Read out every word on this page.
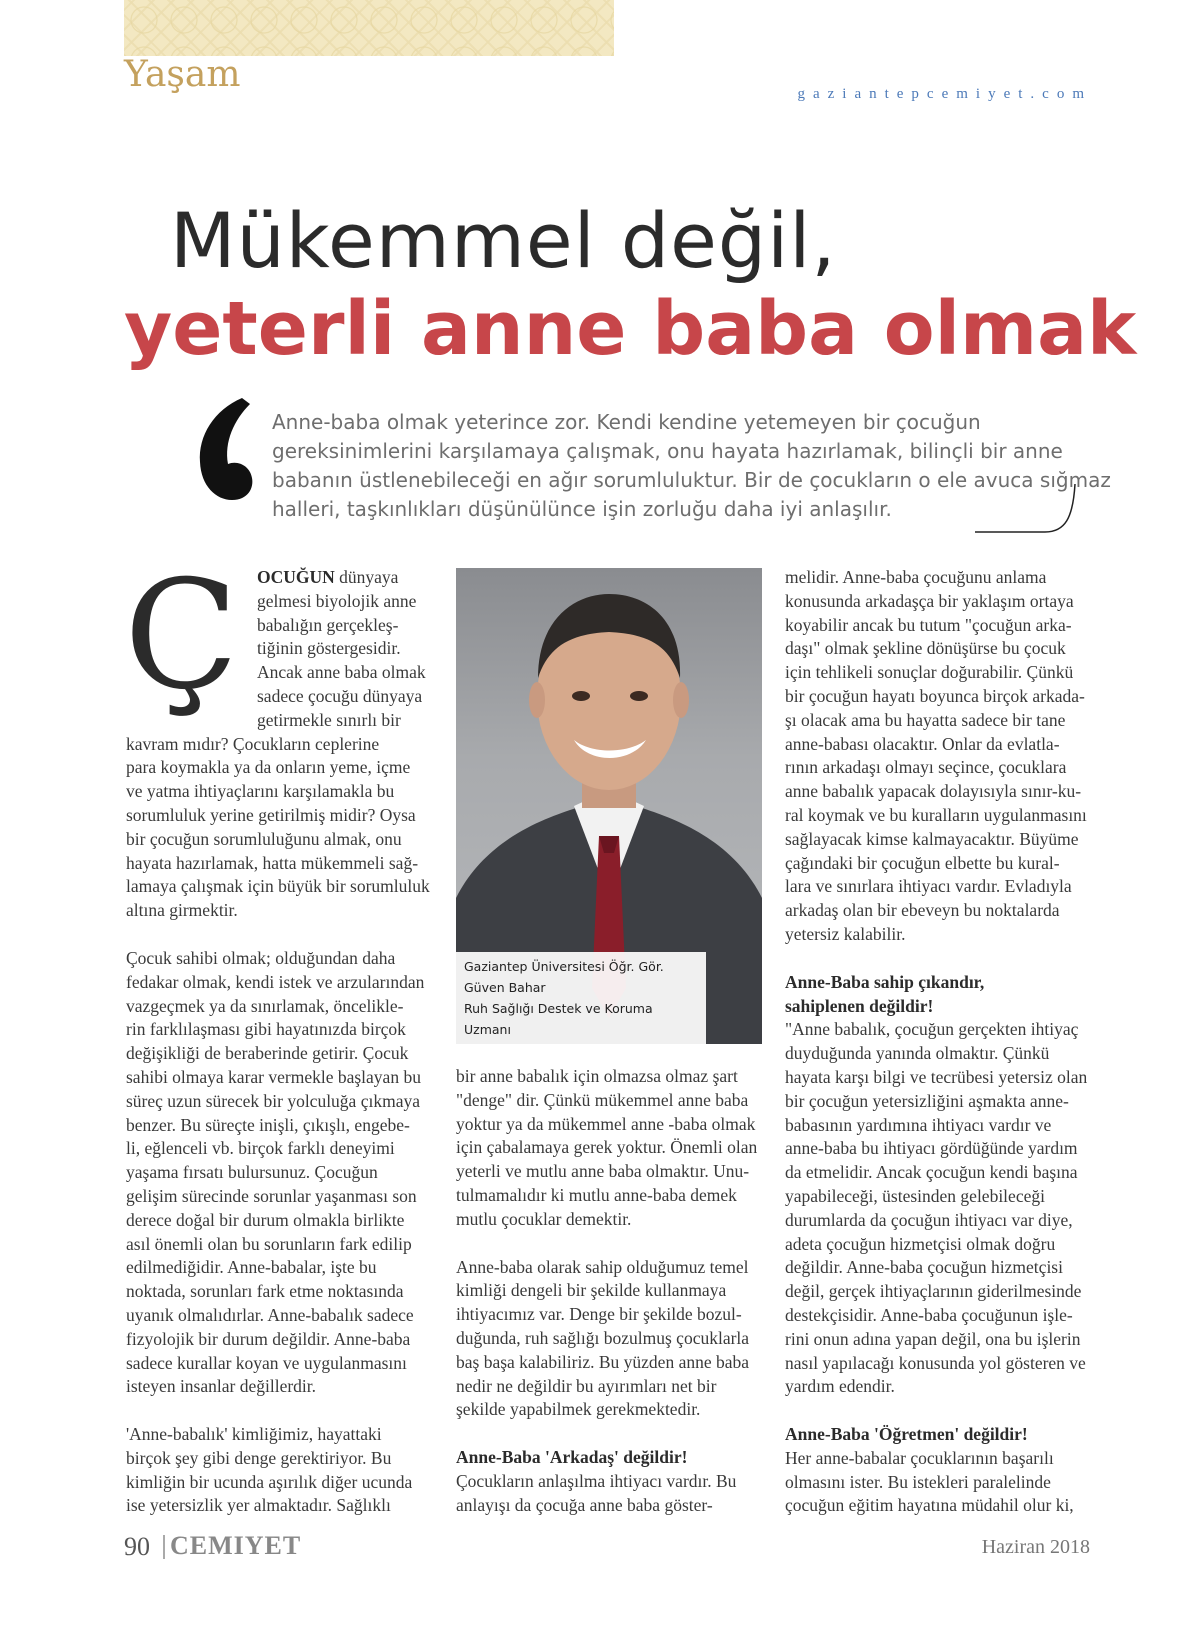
Yaşam	gaziantepcemiyet.com
Mükemmel değil,
yeterli anne baba olmak
Anne-baba olmak yeterince zor. Kendi kendine yetemeyen bir çocuğun gereksinimlerini karşılamaya çalışmak, onu hayata hazırlamak, bilinçli bir anne babanın üstlenebileceği en ağır sorumluluktur. Bir de çocukların o ele avuca sığmaz halleri, taşkınlıkları düşünülünce işin zorluğu daha iyi anlaşılır.
Ç	OCUĞUN dünyaya
gelmesi biyolojik anne
babalığın gerçekleş-
tiğinin göstergesidir.
Ancak anne baba olmak
sadece çocuğu dünyaya
getirmekle sınırlı bir
kavram mıdır? Çocukların ceplerine
para koymakla ya da onların yeme, içme
ve yatma ihtiyaçlarını karşılamakla bu
sorumluluk yerine getirilmiş midir? Oysa
bir çocuğun sorumluluğunu almak, onu
hayata hazırlamak, hatta mükemmeli sağ-
lamaya çalışmak için büyük bir sorumluluk
altına girmektir.
Çocuk sahibi olmak; olduğundan daha
fedakar olmak, kendi istek ve arzularından
vazgeçmek ya da sınırlamak, öncelikle-
rin farklılaşması gibi hayatınızda birçok
değişikliği de beraberinde getirir. Çocuk
sahibi olmaya karar vermekle başlayan bu
süreç uzun sürecek bir yolculuğa çıkmaya
benzer. Bu süreçte inişli, çıkışlı, engebe-
li, eğlenceli vb. birçok farklı deneyimi
yaşama fırsatı bulursunuz. Çocuğun
gelişim sürecinde sorunlar yaşanması son
derece doğal bir durum olmakla birlikte
asıl önemli olan bu sorunların fark edilip
edilmediğidir. Anne-babalar, işte bu
noktada, sorunları fark etme noktasında
uyanık olmalıdırlar. Anne-babalık sadece
fizyolojik bir durum değildir. Anne-baba
sadece kurallar koyan ve uygulanmasını
isteyen insanlar değillerdir.
'Anne-babalık' kimliğimiz, hayattaki
birçok şey gibi denge gerektiriyor. Bu
kimliğin bir ucunda aşırılık diğer ucunda
ise yetersizlik yer almaktadır. Sağlıklı
Gaziantep Üniversitesi Öğr. Gör. Güven Bahar
Ruh Sağlığı Destek ve Koruma Uzmanı
bir anne babalık için olmazsa olmaz şart
"denge" dir. Çünkü mükemmel anne baba
yoktur ya da mükemmel anne -baba olmak
için çabalamaya gerek yoktur. Önemli olan
yeterli ve mutlu anne baba olmaktır. Unu-
tulmamalıdır ki mutlu anne-baba demek
mutlu çocuklar demektir.
Anne-baba olarak sahip olduğumuz temel
kimliği dengeli bir şekilde kullanmaya
ihtiyacımız var. Denge bir şekilde bozul-
duğunda, ruh sağlığı bozulmuş çocuklarla
baş başa kalabiliriz. Bu yüzden anne baba
nedir ne değildir bu ayırımları net bir
şekilde yapabilmek gerekmektedir.
Anne-Baba 'Arkadaş' değildir!
Çocukların anlaşılma ihtiyacı vardır. Bu
anlayışı da çocuğa anne baba göster-
melidir. Anne-baba çocuğunu anlama
konusunda arkadaşça bir yaklaşım ortaya
koyabilir ancak bu tutum "çocuğun arka-
daşı" olmak şekline dönüşürse bu çocuk
için tehlikeli sonuçlar doğurabilir. Çünkü
bir çocuğun hayatı boyunca birçok arkada-
şı olacak ama bu hayatta sadece bir tane
anne-babası olacaktır. Onlar da evlatla-
rının arkadaşı olmayı seçince, çocuklara
anne babalık yapacak dolayısıyla sınır-ku-
ral koymak ve bu kuralların uygulanmasını
sağlayacak kimse kalmayacaktır. Büyüme
çağındaki bir çocuğun elbette bu kural-
lara ve sınırlara ihtiyacı vardır. Evladıyla
arkadaş olan bir ebeveyn bu noktalarda
yetersiz kalabilir.
Anne-Baba sahip çıkandır,
sahiplenen değildir!
"Anne babalık, çocuğun gerçekten ihtiyaç
duyduğunda yanında olmaktır. Çünkü
hayata karşı bilgi ve tecrübesi yetersiz olan
bir çocuğun yetersizliğini aşmakta anne-
babasının yardımına ihtiyacı vardır ve
anne-baba bu ihtiyacı gördüğünde yardım
da etmelidir. Ancak çocuğun kendi başına
yapabileceği, üstesinden gelebileceği
durumlarda da çocuğun ihtiyacı var diye,
adeta çocuğun hizmetçisi olmak doğru
değildir. Anne-baba çocuğun hizmetçisi
değil, gerçek ihtiyaçlarının giderilmesinde
destekçisidir. Anne-baba çocuğunun işle-
rini onun adına yapan değil, ona bu işlerin
nasıl yapılacağı konusunda yol gösteren ve
yardım edendir.
Anne-Baba 'Öğretmen' değildir!
Her anne-babalar çocuklarının başarılı
olmasını ister. Bu istekleri paralelinde
çocuğun eğitim hayatına müdahil olur ki,
90 CEMIYET	Haziran 2018
